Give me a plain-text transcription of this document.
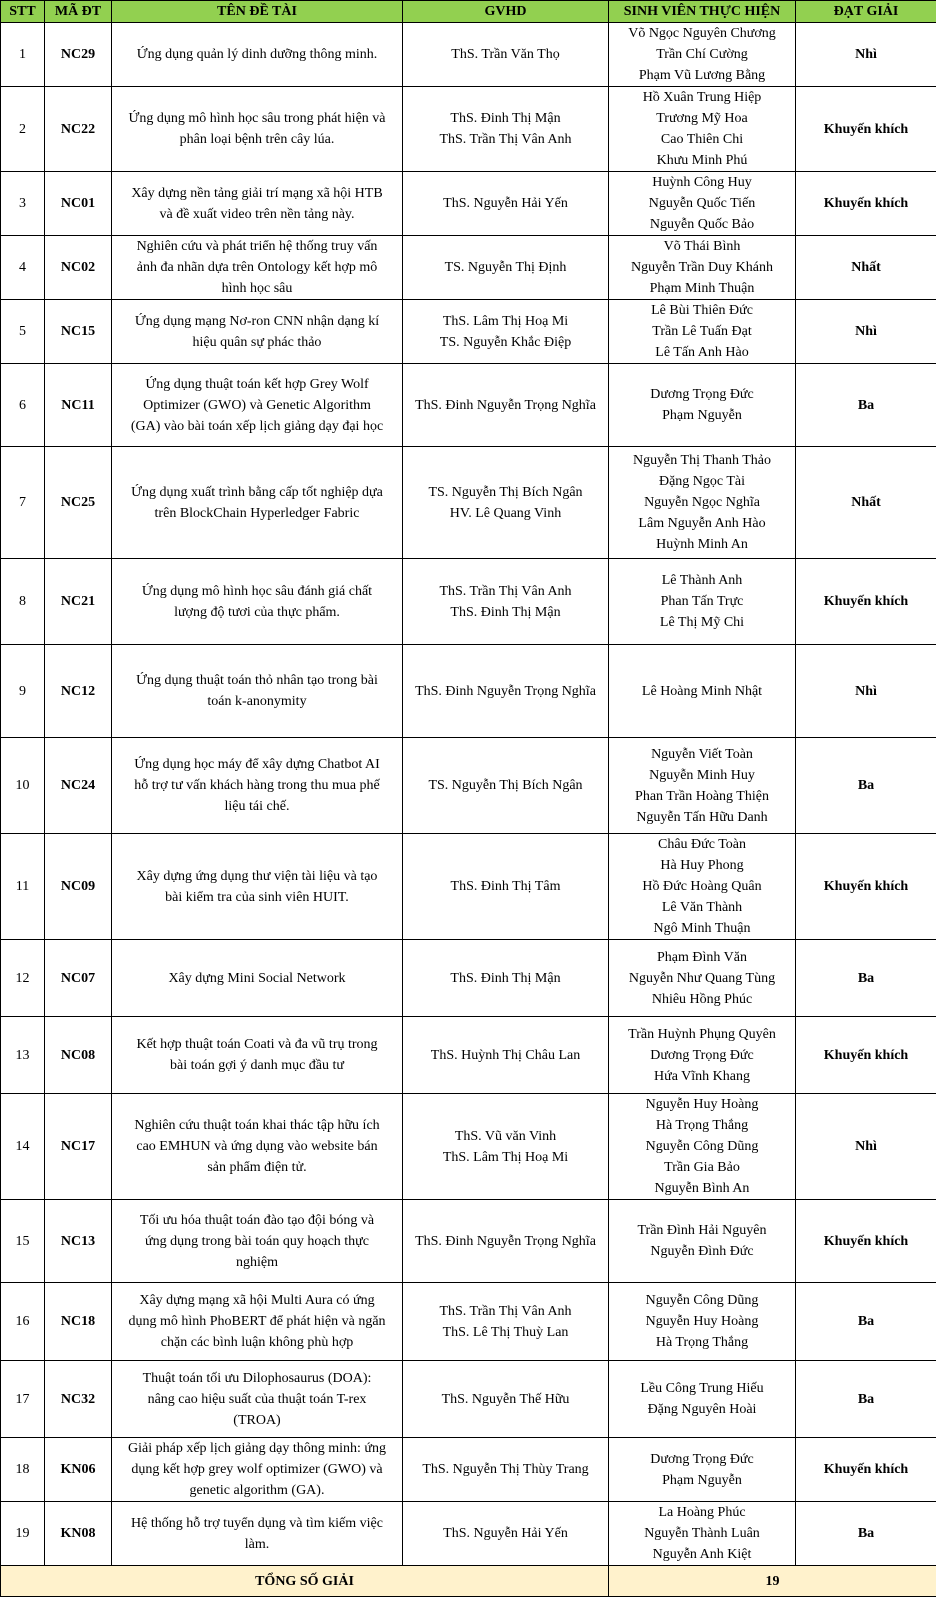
STT	MÃ ĐT	TÊN ĐỀ TÀI	GVHD	SINH VIÊN THỰC HIỆN	ĐẠT GIẢI
1	NC29	Ứng dụng quản lý dinh dưỡng thông minh.	ThS. Trần Văn Thọ	Võ Ngọc Nguyên Chương
Trần Chí Cường
Phạm Vũ Lương Bằng	Nhì
2	NC22	Ứng dụng mô hình học sâu trong phát hiện và
phân loại bệnh trên cây lúa.	ThS. Đinh Thị Mận
ThS. Trần Thị Vân Anh	Hồ Xuân Trung Hiệp
Trương Mỹ Hoa
Cao Thiên Chi
Khưu Minh Phú	Khuyến khích
3	NC01	Xây dựng nền tảng giải trí mạng xã hội HTB
và đề xuất video trên nền tảng này.	ThS. Nguyễn Hải Yến	Huỳnh Công Huy
Nguyễn Quốc Tiến
Nguyễn Quốc Bảo	Khuyến khích
4	NC02	Nghiên cứu và phát triển hệ thống truy vấn
ảnh đa nhãn dựa trên Ontology kết hợp mô
hình học sâu	TS. Nguyễn Thị Định	Võ Thái Bình
Nguyễn Trần Duy Khánh
Phạm Minh Thuận	Nhất
5	NC15	Ứng dụng mạng Nơ-ron CNN nhận dạng kí
hiệu quân sự phác thảo	ThS. Lâm Thị Hoạ Mi
TS. Nguyễn Khắc Điệp	Lê Bùi Thiên Đức
Trần Lê Tuấn Đạt
Lê Tấn Anh Hào	Nhì
6	NC11	Ứng dụng thuật toán kết hợp Grey Wolf
Optimizer (GWO) và Genetic Algorithm
(GA) vào bài toán xếp lịch giảng dạy đại học	ThS. Đinh Nguyễn Trọng Nghĩa	Dương Trọng Đức
Phạm Nguyễn	Ba
7	NC25	Ứng dụng xuất trình bằng cấp tốt nghiệp dựa
trên BlockChain Hyperledger Fabric	TS. Nguyễn Thị Bích Ngân
HV. Lê Quang Vinh	Nguyễn Thị Thanh Thảo
Đặng Ngọc Tài
Nguyễn Ngọc Nghĩa
Lâm Nguyễn Anh Hào
Huỳnh Minh An	Nhất
8	NC21	Ứng dụng mô hình học sâu đánh giá chất
lượng độ tươi của thực phẩm.	ThS. Trần Thị Vân Anh
ThS. Đinh Thị Mận	Lê Thành Anh
Phan Tấn Trực
Lê Thị Mỹ Chi	Khuyến khích
9	NC12	Ứng dụng thuật toán thỏ nhân tạo trong bài
toán k-anonymity	ThS. Đinh Nguyễn Trọng Nghĩa	Lê Hoàng Minh Nhật	Nhì
10	NC24	Ứng dụng học máy để xây dựng Chatbot AI
hỗ trợ tư vấn khách hàng trong thu mua phế
liệu tái chế.	TS. Nguyễn Thị Bích Ngân	Nguyễn Viết Toàn
Nguyễn Minh Huy
Phan Trần Hoàng Thiện
Nguyễn Tấn Hữu Danh	Ba
11	NC09	Xây dựng ứng dụng thư viện tài liệu và tạo
bài kiểm tra của sinh viên HUIT.	ThS. Đinh Thị Tâm	Châu Đức Toàn
Hà Huy Phong
Hồ Đức Hoàng Quân
Lê Văn Thành
Ngô Minh Thuận	Khuyến khích
12	NC07	Xây dựng Mini Social Network	ThS. Đinh Thị Mận	Phạm Đình Văn
Nguyễn Như Quang Tùng
Nhiêu Hồng Phúc	Ba
13	NC08	Kết hợp thuật toán Coati và đa vũ trụ trong
bài toán gợi ý danh mục đầu tư	ThS. Huỳnh Thị Châu Lan	Trần Huỳnh Phụng Quyên
Dương Trọng Đức
Hứa Vĩnh Khang	Khuyến khích
14	NC17	Nghiên cứu thuật toán khai thác tập hữu ích
cao EMHUN và ứng dụng vào website bán
sản phẩm điện tử.	ThS. Vũ văn Vinh
ThS. Lâm Thị Hoạ Mi	Nguyễn Huy Hoàng
Hà Trọng Thắng
Nguyễn Công Dũng
Trần Gia Bảo
Nguyễn Bình An	Nhì
15	NC13	Tối ưu hóa thuật toán đào tạo đội bóng và
ứng dụng trong bài toán quy hoạch thực
nghiệm	ThS. Đinh Nguyễn Trọng Nghĩa	Trần Đình Hải Nguyên
Nguyễn Đình Đức	Khuyến khích
16	NC18	Xây dựng mạng xã hội Multi Aura có ứng
dụng mô hình PhoBERT để phát hiện và ngăn
chặn các bình luận không phù hợp	ThS. Trần Thị Vân Anh
ThS. Lê Thị Thuỳ Lan	Nguyễn Công Dũng
Nguyễn Huy Hoàng
Hà Trọng Thắng	Ba
17	NC32	Thuật toán tối ưu Dilophosaurus (DOA):
nâng cao hiệu suất của thuật toán T-rex
(TROA)	ThS. Nguyễn Thế Hữu	Lều Công Trung Hiếu
Đặng Nguyên Hoài	Ba
18	KN06	Giải pháp xếp lịch giảng dạy thông minh: ứng
dụng kết hợp grey wolf optimizer (GWO) và
genetic algorithm (GA).	ThS. Nguyễn Thị Thùy Trang	Dương Trọng Đức
Phạm Nguyễn	Khuyến khích
19	KN08	Hệ thống hỗ trợ tuyển dụng và tìm kiếm việc
làm.	ThS. Nguyễn Hải Yến	La Hoàng Phúc
Nguyễn Thành Luân
Nguyễn Anh Kiệt	Ba
TỔNG SỐ GIẢI				19	
